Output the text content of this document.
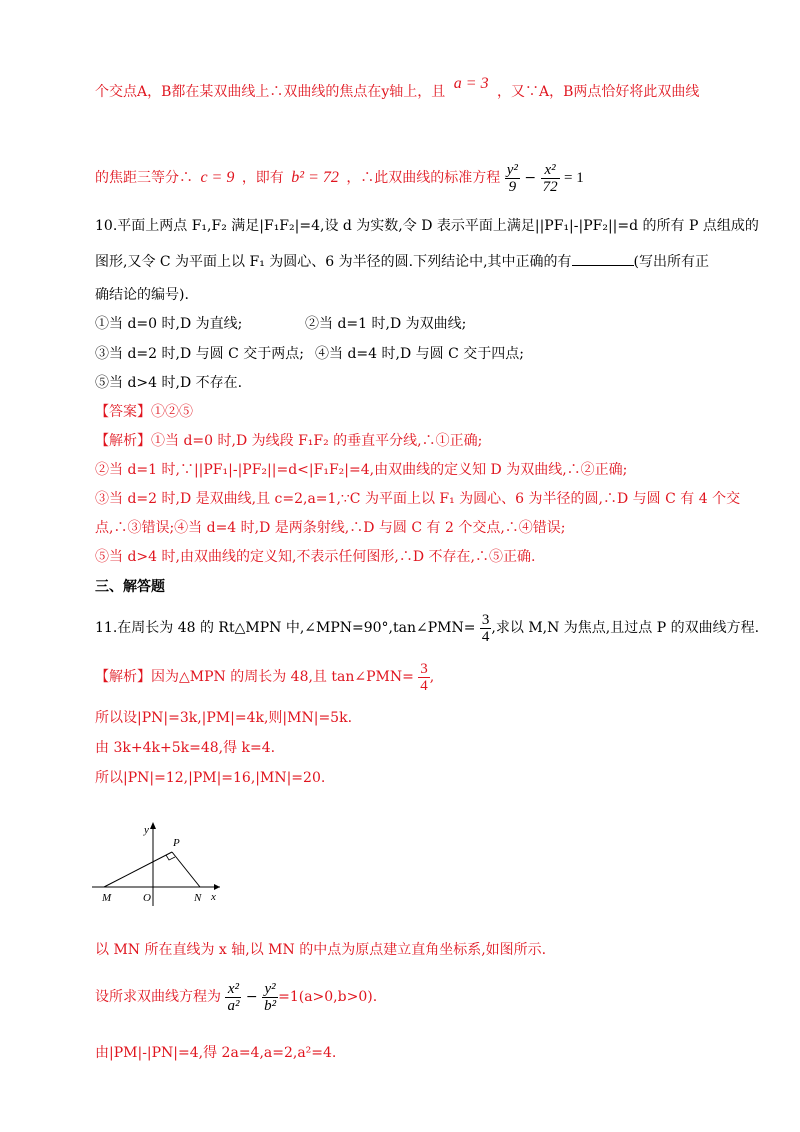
个交点A，B都在某双曲线上∴双曲线的焦点在y轴上，且 a = 3 ，又∵A，B两点恰好将此双曲线
的焦距三等分∴ c = 9 ，即有 b² = 72 ，∴此双曲线的标准方程 $\frac{\text{y²}}{9} - \frac{\text{x²}}{72} = 1$
10.平面上两点 F₁,F₂ 满足|F₁F₂|=4,设 d 为实数,令 D 表示平面上满足||PF₁|-|PF₂||=d 的所有 P 点组成的
图形,又令 C 为平面上以 F₁ 为圆心、6 为半径的圆.下列结论中,其中正确的有	(写出所有正
确结论的编号).
①当 d=0 时,D 为直线;	②当 d=1 时,D 为双曲线;
③当 d=2 时,D 与圆 C 交于两点; ④当 d=4 时,D 与圆 C 交于四点;
⑤当 d>4 时,D 不存在.
【答案】①②⑤
【解析】①当 d=0 时,D 为线段 F₁F₂ 的垂直平分线,∴①正确;
②当 d=1 时,∵||PF₁|-|PF₂||=d<|F₁F₂|=4,由双曲线的定义知 D 为双曲线,∴②正确;
③当 d=2 时,D 是双曲线,且 c=2,a=1,∵C 为平面上以 F₁ 为圆心、6 为半径的圆,∴D 与圆 C 有 4 个交
点,∴③错误;④当 d=4 时,D 是两条射线,∴D 与圆 C 有 2 个交点,∴④错误;
⑤当 d>4 时,由双曲线的定义知,不表示任何图形,∴D 不存在,∴⑤正确.
三、解答题
11.在周长为 48 的 Rt△MPN 中,∠MPN=90°,tan∠PMN= $\frac{3}{4}$ ,求以 M,N 为焦点,且过点 P 的双曲线方程.
【解析】因为△MPN 的周长为 48,且 tan∠PMN= $\frac{3}{4}$ ,
所以设|PN|=3k,|PM|=4k,则|MN|=5k.
由 3k+4k+5k=48,得 k=4.
所以|PN|=12,|PM|=16,|MN|=20.
y
P
O
M	N x
以 MN 所在直线为 x 轴,以 MN 的中点为原点建立直角坐标系,如图所示.
设所求双曲线方程为 $\frac{\text{x²}}{\text{a²}} - \frac{\text{y²}}{\text{b²}} =1(a>0,b>0)$.
由|PM|-|PN|=4,得 2a=4,a=2,a²=4.
